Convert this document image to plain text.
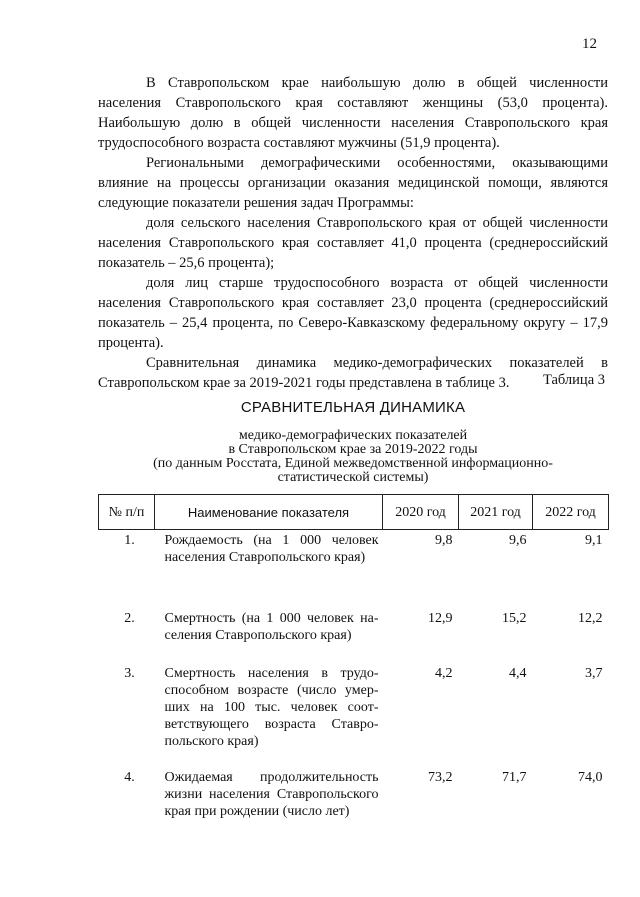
12

В Ставропольском крае наибольшую долю в общей численности населения Ставропольского края составляют женщины (53,0 процента). Наибольшую долю в общей численности населения Ставропольского края трудоспособного возраста составляют мужчины (51,9 процента).

Региональными демографическими особенностями, оказывающими влияние на процессы организации оказания медицинской помощи, являются следующие показатели решения задач Программы:

доля сельского населения Ставропольского края от общей численности населения Ставропольского края составляет 41,0 процента (среднероссийский показатель – 25,6 процента);

доля лиц старше трудоспособного возраста от общей численности населения Ставропольского края составляет 23,0 процента (среднероссийский показатель – 25,4 процента, по Северо-Кавказскому федеральному округу – 17,9 процента).

Сравнительная динамика медико-демографических показателей в Ставропольском крае за 2019-2021 годы представлена в таблице 3.	Таблица 3
СРАВНИТЕЛЬНАЯ ДИНАМИКА
медико-демографических показателей
в Ставропольском крае за 2019-2022 годы
(по данным Росстата, Единой межведомственной информационно-
статистической системы)
№ п/п	Наименование показателя	2020 год	2021 год	2022 год
1.	Рождаемость (на 1 000 человек населения Ставропольского края)	9,8	9,6	9,1
2.	Смертность (на 1 000 человек населения Ставропольского края)	12,9	15,2	12,2
3.	Смертность населения в трудоспособном возрасте (число умерших на 100 тыс. человек соответствующего возраста Ставропольского края)	4,2	4,4	3,7
4.	Ожидаемая продолжительность жизни населения Ставропольского края при рождении (число лет)	73,2	71,7	74,0
